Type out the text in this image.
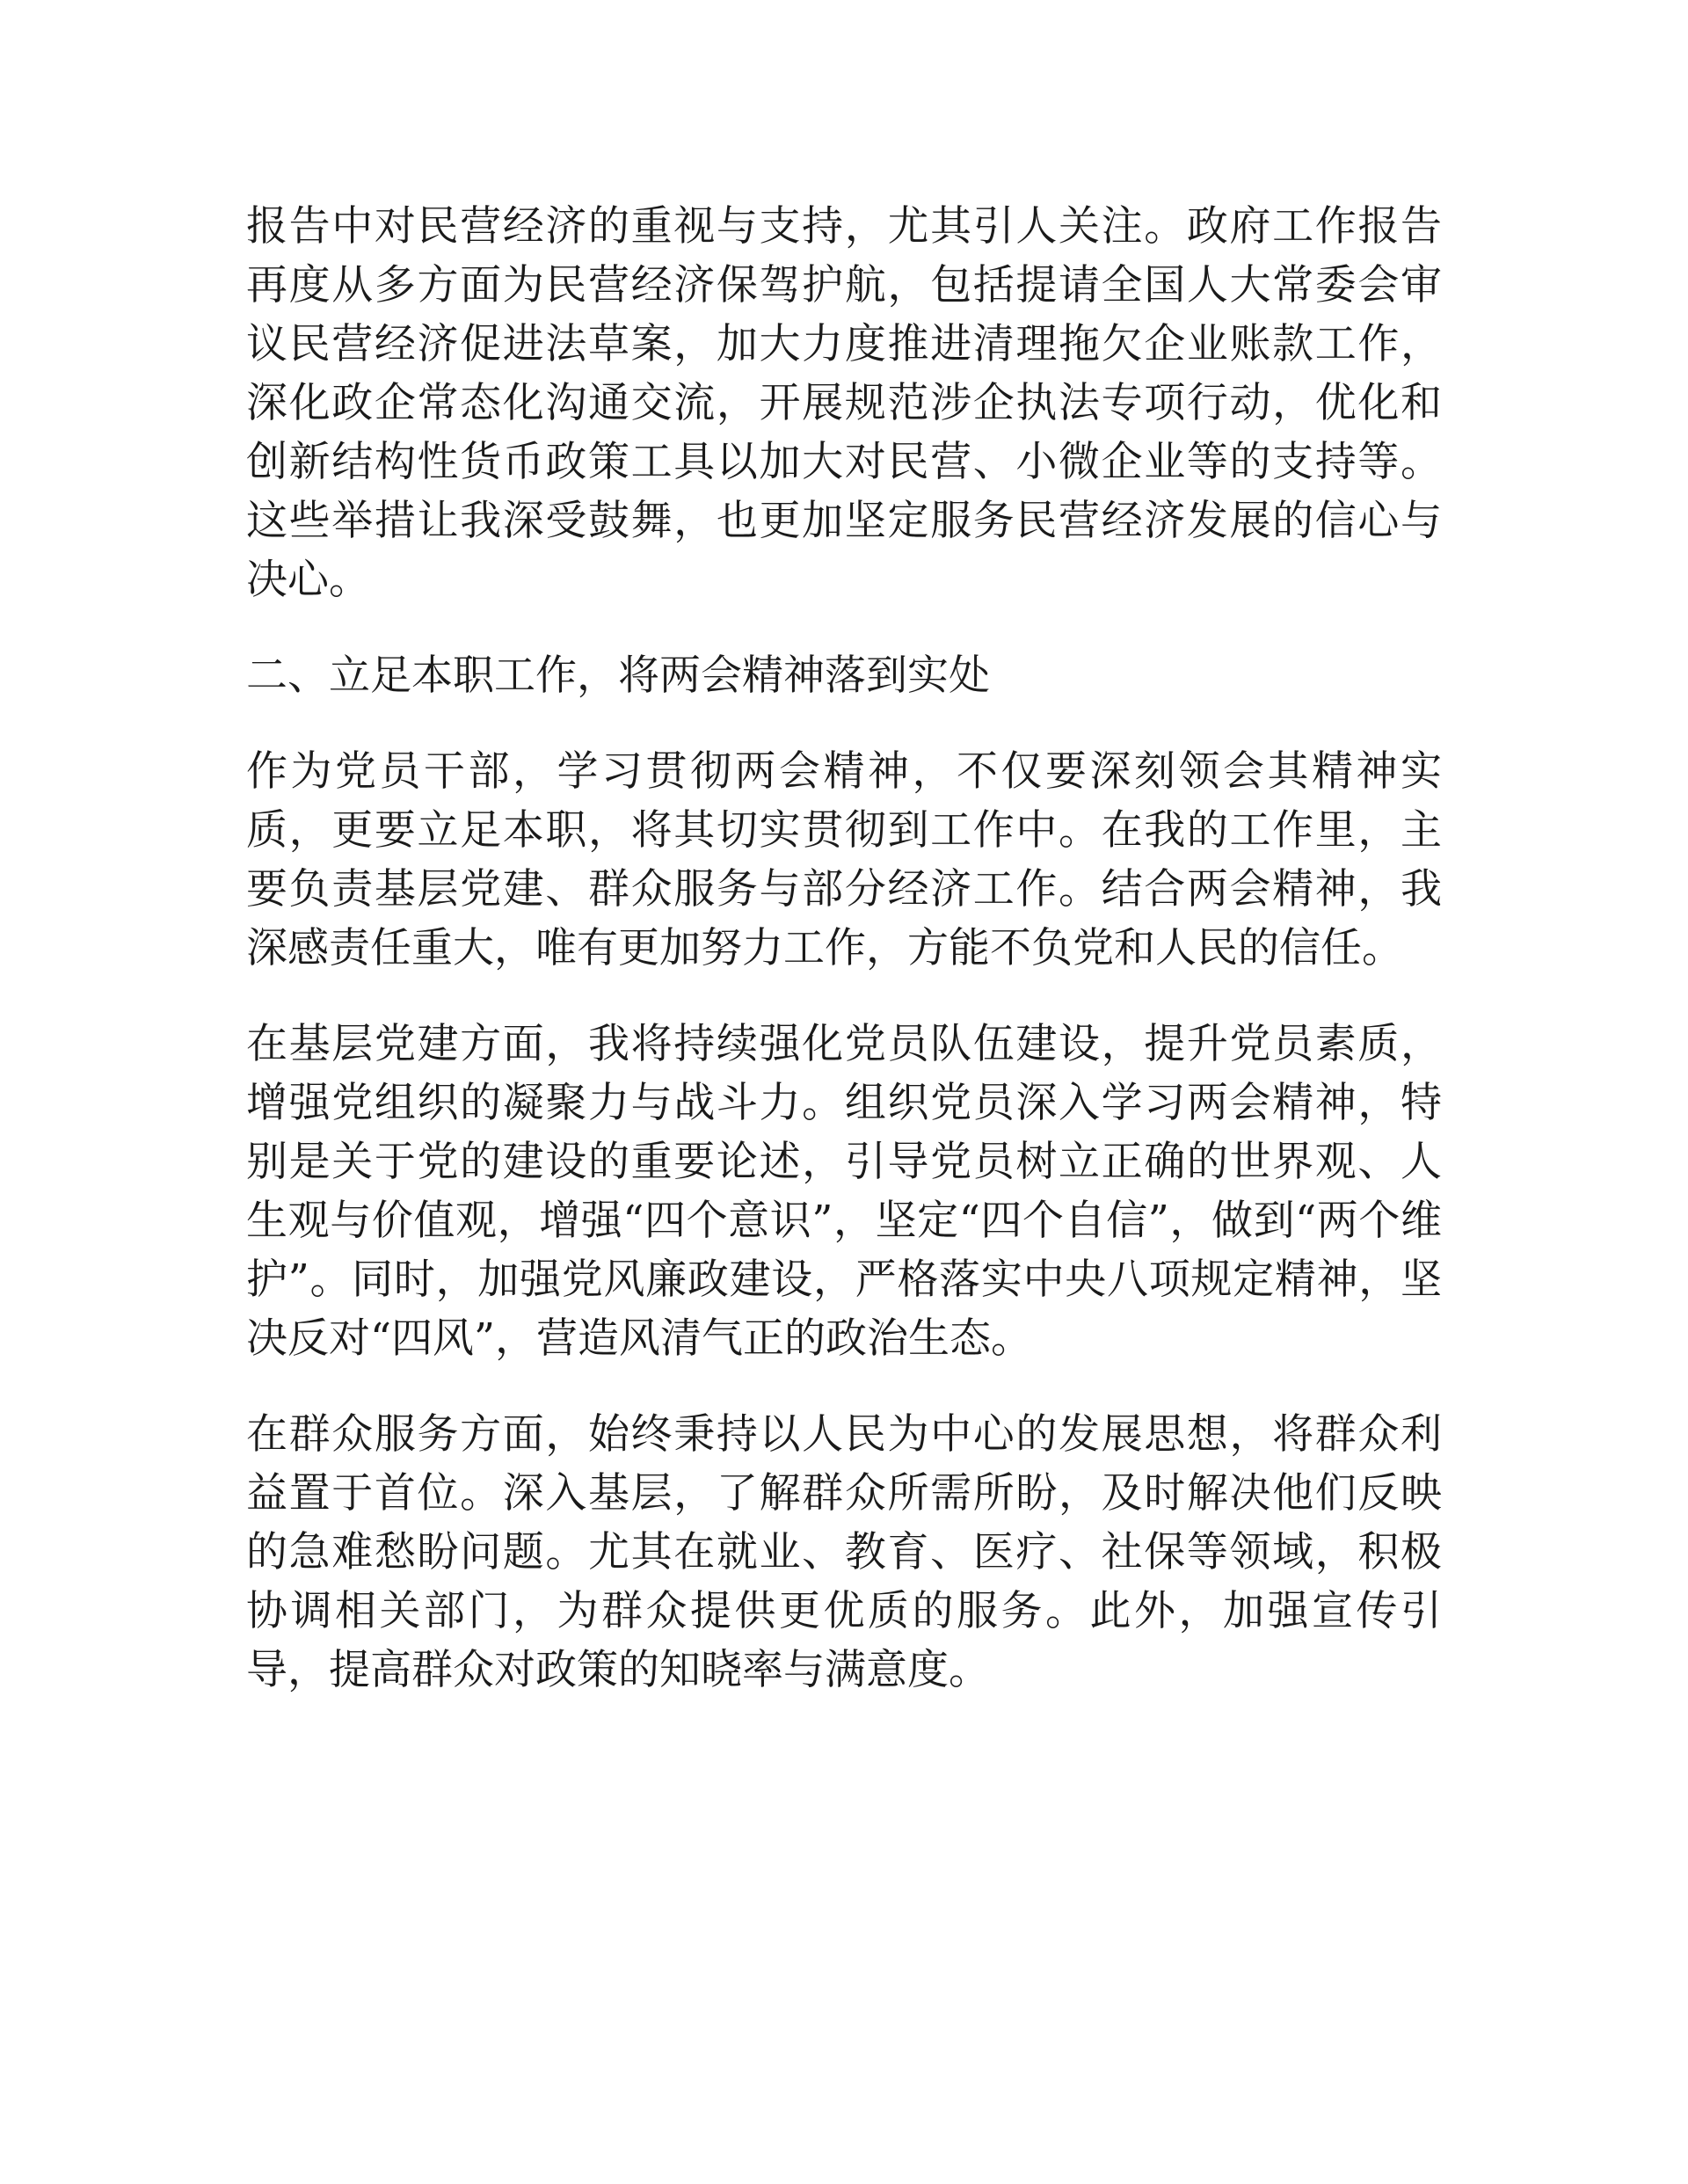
报告中对民营经济的重视与支持，尤其引人关注。政府工作报告再度从多方面为民营经济保驾护航，包括提请全国人大常委会审议民营经济促进法草案，加大力度推进清理拖欠企业账款工作，深化政企常态化沟通交流，开展规范涉企执法专项行动，优化和创新结构性货币政策工具以加大对民营、小微企业等的支持等。这些举措让我深受鼓舞，也更加坚定服务民营经济发展的信心与决心。

二、立足本职工作，将两会精神落到实处

作为党员干部，学习贯彻两会精神，不仅要深刻领会其精神实质，更要立足本职，将其切实贯彻到工作中。在我的工作里，主要负责基层党建、群众服务与部分经济工作。结合两会精神，我深感责任重大，唯有更加努力工作，方能不负党和人民的信任。

在基层党建方面，我将持续强化党员队伍建设，提升党员素质，增强党组织的凝聚力与战斗力。组织党员深入学习两会精神，特别是关于党的建设的重要论述，引导党员树立正确的世界观、人生观与价值观，增强“四个意识”，坚定“四个自信”，做到“两个维护”。同时，加强党风廉政建设，严格落实中央八项规定精神，坚决反对“四风”，营造风清气正的政治生态。

在群众服务方面，始终秉持以人民为中心的发展思想，将群众利益置于首位。深入基层，了解群众所需所盼，及时解决他们反映的急难愁盼问题。尤其在就业、教育、医疗、社保等领域，积极协调相关部门，为群众提供更优质的服务。此外，加强宣传引导，提高群众对政策的知晓率与满意度。
